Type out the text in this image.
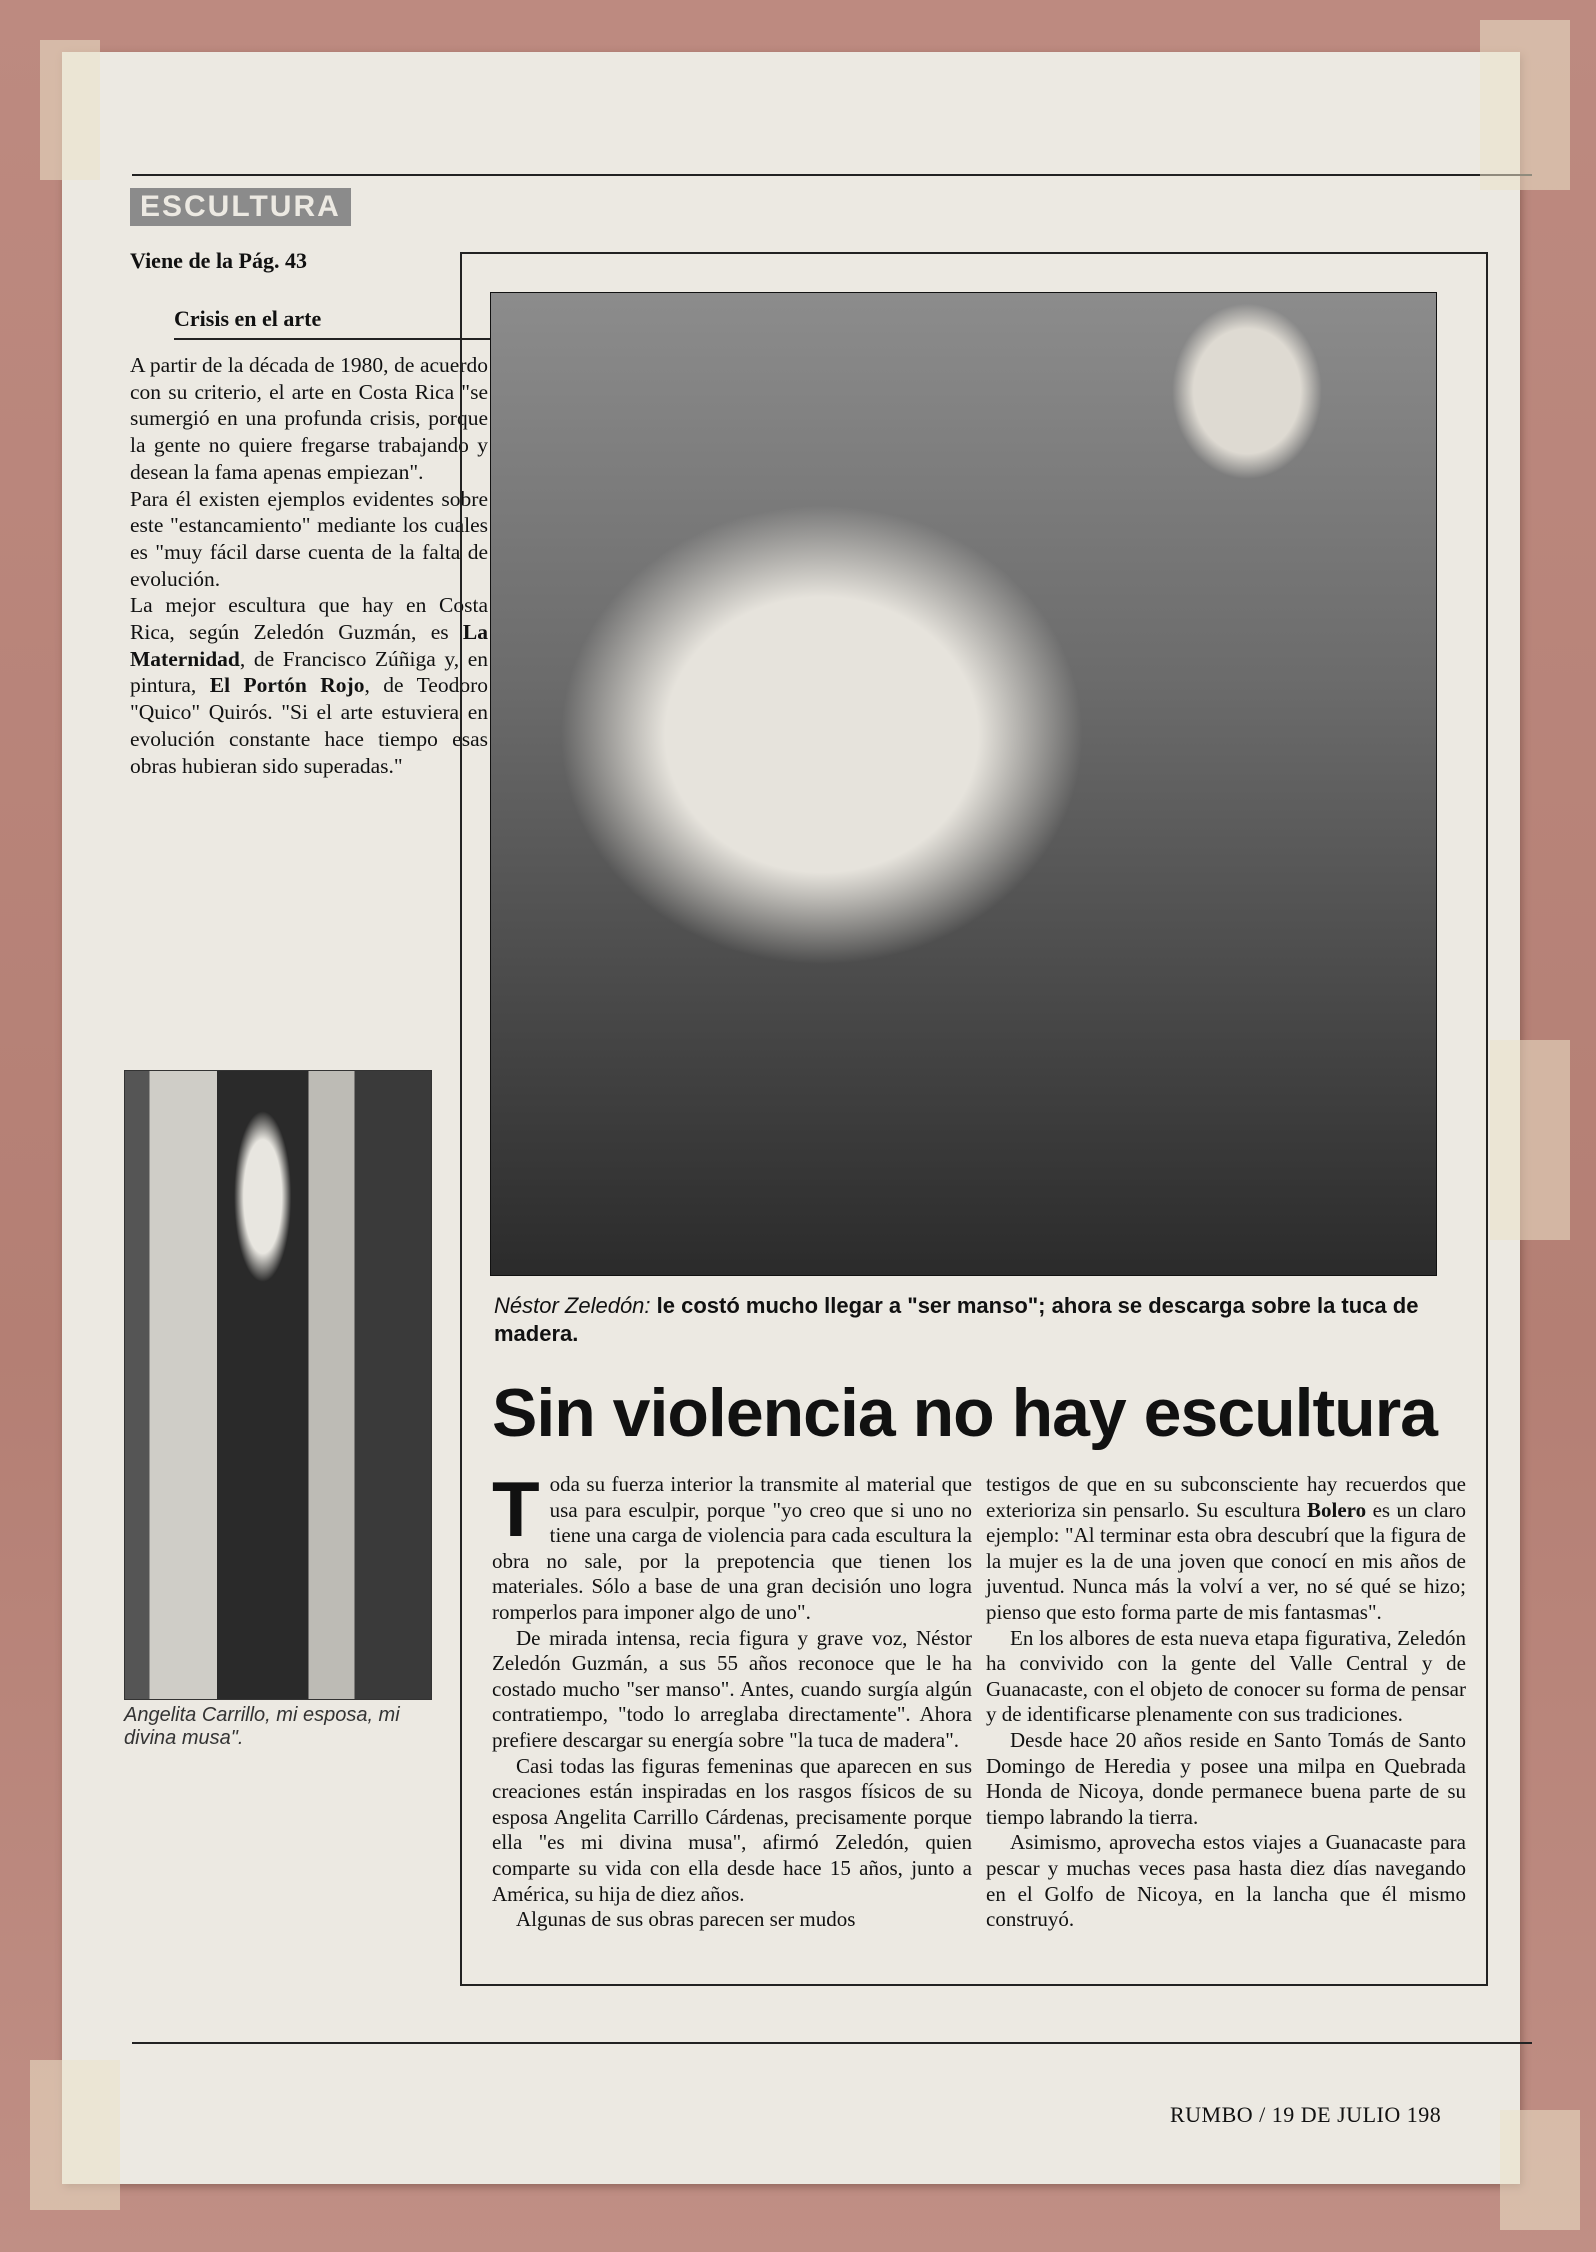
ESCULTURA
Viene de la Pág. 43
Crisis en el arte

A partir de la década de 1980, de acuerdo con su criterio, el arte en Costa Rica "se sumergió en una profunda crisis, porque la gente no quiere fregarse trabajando y desean la fama apenas empiezan".

Para él existen ejemplos evidentes sobre este "estancamiento" mediante los cuales es "muy fácil darse cuenta de la falta de evolución.

La mejor escultura que hay en Costa Rica, según Zeledón Guzmán, es La Maternidad, de Francisco Zúñiga y, en pintura, El Portón Rojo, de Teodoro "Quico" Quirós. "Si el arte estuviera en evolución constante hace tiempo esas obras hubieran sido superadas."

Angelita Carrillo, mi esposa, mi divina musa".
Néstor Zeledón: le costó mucho llegar a "ser manso"; ahora se descarga sobre la tuca de madera.
Sin violencia no hay escultura

Toda su fuerza interior la transmite al material que usa para esculpir, porque "yo creo que si uno no tiene una carga de violencia para cada escultura la obra no sale, por la prepotencia que tienen los materiales. Sólo a base de una gran decisión uno logra romperlos para imponer algo de uno".

De mirada intensa, recia figura y grave voz, Néstor Zeledón Guzmán, a sus 55 años reconoce que le ha costado mucho "ser manso". Antes, cuando surgía algún contratiempo, "todo lo arreglaba directamente". Ahora prefiere descargar su energía sobre "la tuca de madera".

Casi todas las figuras femeninas que aparecen en sus creaciones están inspiradas en los rasgos físicos de su esposa Angelita Carrillo Cárdenas, precisamente porque ella "es mi divina musa", afirmó Zeledón, quien comparte su vida con ella desde hace 15 años, junto a América, su hija de diez años.

Algunas de sus obras parecen ser mudos

testigos de que en su subconsciente hay recuerdos que exterioriza sin pensarlo. Su escultura Bolero es un claro ejemplo: "Al terminar esta obra descubrí que la figura de la mujer es la de una joven que conocí en mis años de juventud. Nunca más la volví a ver, no sé qué se hizo; pienso que esto forma parte de mis fantasmas".

En los albores de esta nueva etapa figurativa, Zeledón ha convivido con la gente del Valle Central y de Guanacaste, con el objeto de conocer su forma de pensar y de identificarse plenamente con sus tradiciones.

Desde hace 20 años reside en Santo Tomás de Santo Domingo de Heredia y posee una milpa en Quebrada Honda de Nicoya, donde permanece buena parte de su tiempo labrando la tierra.

Asimismo, aprovecha estos viajes a Guanacaste para pescar y muchas veces pasa hasta diez días navegando en el Golfo de Nicoya, en la lancha que él mismo construyó.

RUMBO / 19 DE JULIO 198
